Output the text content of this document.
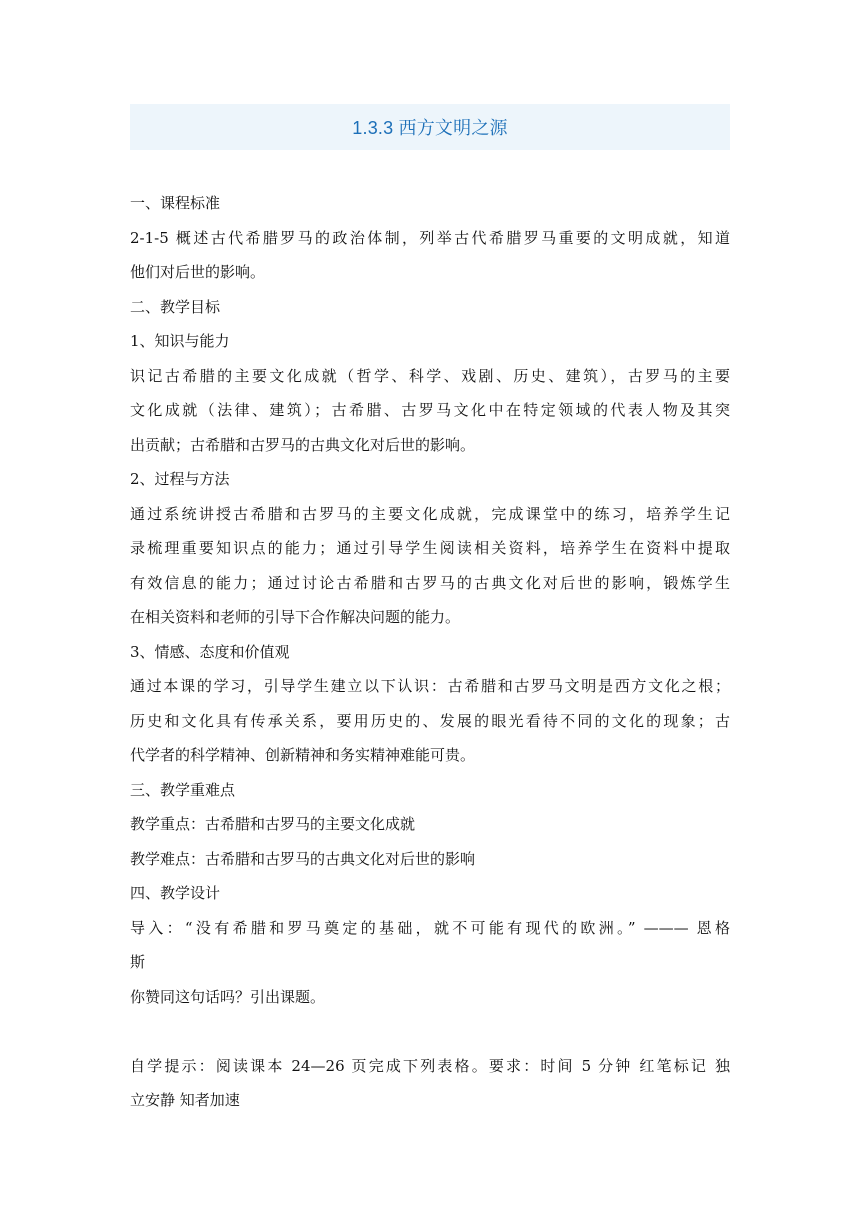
1.3.3 西方文明之源
一、课程标准
2-1-5 概述古代希腊罗马的政治体制，列举古代希腊罗马重要的文明成就，知道
他们对后世的影响。
二、教学目标
1、知识与能力
识记古希腊的主要文化成就（哲学、科学、戏剧、历史、建筑），古罗马的主要
文化成就（法律、建筑）；古希腊、古罗马文化中在特定领域的代表人物及其突
出贡献；古希腊和古罗马的古典文化对后世的影响。
2、过程与方法
通过系统讲授古希腊和古罗马的主要文化成就，完成课堂中的练习，培养学生记
录梳理重要知识点的能力；通过引导学生阅读相关资料，培养学生在资料中提取
有效信息的能力；通过讨论古希腊和古罗马的古典文化对后世的影响，锻炼学生
在相关资料和老师的引导下合作解决问题的能力。
3、情感、态度和价值观
通过本课的学习，引导学生建立以下认识：古希腊和古罗马文明是西方文化之根；
历史和文化具有传承关系，要用历史的、发展的眼光看待不同的文化的现象；古
代学者的科学精神、创新精神和务实精神难能可贵。
三、教学重难点
教学重点：古希腊和古罗马的主要文化成就
教学难点：古希腊和古罗马的古典文化对后世的影响
四、教学设计
导入：“没有希腊和罗马奠定的基础，就不可能有现代的欧洲。” ——— 恩格
斯
你赞同这句话吗？引出课题。
自学提示：阅读课本 24—26 页完成下列表格。要求：时间 5 分钟 红笔标记 独
立安静 知者加速
